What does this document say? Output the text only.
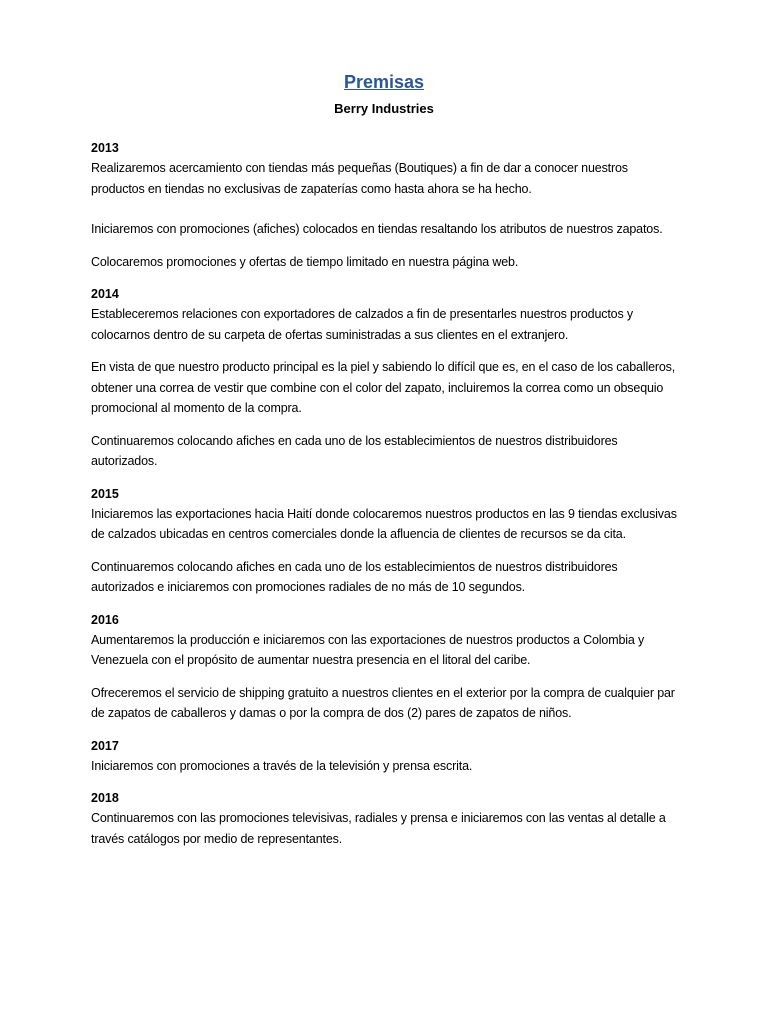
Premisas
Berry Industries

2013

Realizaremos acercamiento con tiendas más pequeñas (Boutiques) a fin de dar a conocer nuestros productos en tiendas no exclusivas de zapaterías como hasta ahora se ha hecho.

Iniciaremos con promociones (afiches) colocados en tiendas resaltando los atributos de nuestros zapatos.

Colocaremos promociones y ofertas de tiempo limitado en nuestra página web.

2014

Estableceremos relaciones con exportadores de calzados a fin de presentarles nuestros productos y colocarnos dentro de su carpeta de ofertas suministradas a sus clientes en el extranjero.

En vista de que nuestro producto principal es la piel y sabiendo lo difícil que es, en el caso de los caballeros, obtener una correa de vestir que combine con el color del zapato, incluiremos la correa como un obsequio promocional al momento de la compra.

Continuaremos colocando afiches en cada uno de los establecimientos de nuestros distribuidores autorizados.

2015

Iniciaremos las exportaciones hacia Haití donde colocaremos nuestros productos en las 9 tiendas exclusivas de calzados ubicadas en centros comerciales donde la afluencia de clientes de recursos se da cita.

Continuaremos colocando afiches en cada uno de los establecimientos de nuestros distribuidores autorizados e iniciaremos con promociones radiales de no más de 10 segundos.

2016

Aumentaremos la producción e iniciaremos con las exportaciones de nuestros productos a Colombia y Venezuela con el propósito de aumentar nuestra presencia en el litoral del caribe.

Ofreceremos el servicio de shipping gratuito a nuestros clientes en el exterior por la compra de cualquier par de zapatos de caballeros y damas o por la compra de dos (2) pares de zapatos de niños.

2017

Iniciaremos con promociones a través de la televisión y prensa escrita.

2018

Continuaremos con las promociones televisivas, radiales y prensa e iniciaremos con las ventas al detalle a través catálogos por medio de representantes.
